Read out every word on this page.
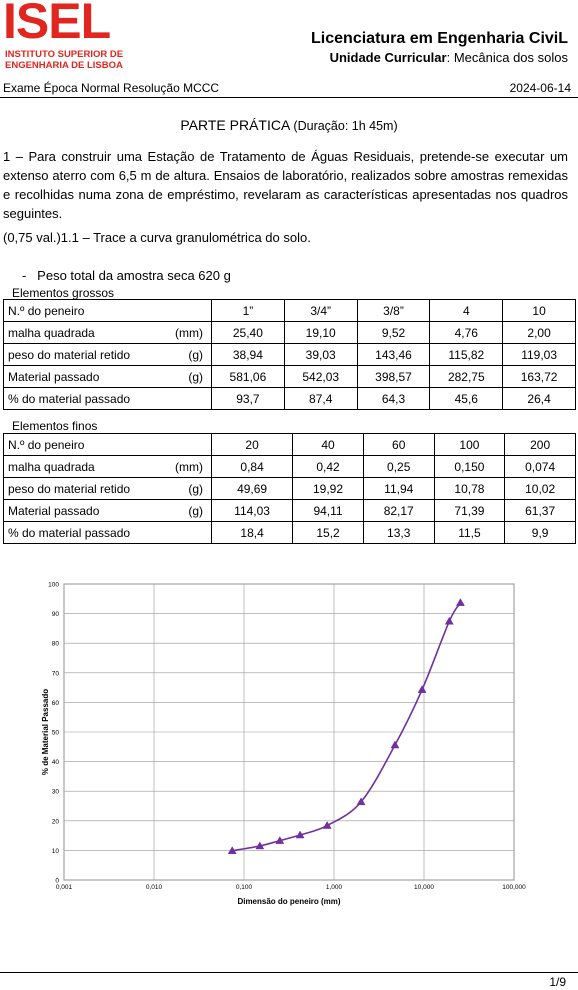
ISEL
INSTITUTO SUPERIOR DE
ENGENHARIA DE LISBOA
Licenciatura em Engenharia CiviL
Unidade Curricular: Mecânica dos solos
Exame Época Normal Resolução MCCC	2024-06-14
PARTE PRÁTICA (Duração: 1h 45m)
1 – Para construir uma Estação de Tratamento de Águas Residuais, pretende-se executar um extenso aterro com 6,5 m de altura. Ensaios de laboratório, realizados sobre amostras remexidas e recolhidas numa zona de empréstimo, revelaram as características apresentadas nos quadros seguintes.
(0,75 val.)1.1 – Trace a curva granulométrica do solo.
-   Peso total da amostra seca 620 g
Elementos grossos
N.º do peneiro		1”	3/4”	3/8”	4	10
malha quadrada	(mm)	25,40	19,10	9,52	4,76	2,00
peso do material retido	(g)	38,94	39,03	143,46	115,82	119,03
Material passado	(g)	581,06	542,03	398,57	282,75	163,72
% do material passado		93,7	87,4	64,3	45,6	26,4
Elementos finos
N.º do peneiro		20	40	60	100	200
malha quadrada	(mm)	0,84	0,42	0,25	0,150	0,074
peso do material retido	(g)	49,69	19,92	11,94	10,78	10,02
Material passado	(g)	114,03	94,11	82,17	71,39	61,37
% do material passado		18,4	15,2	13,3	11,5	9,9
0
10
20
30
40
50
60
70
80
90
100
0,001	0,010	0,100	1,000	10,000	100,000
Dimensão do peneiro (mm)
% de Material Passado
1/9
